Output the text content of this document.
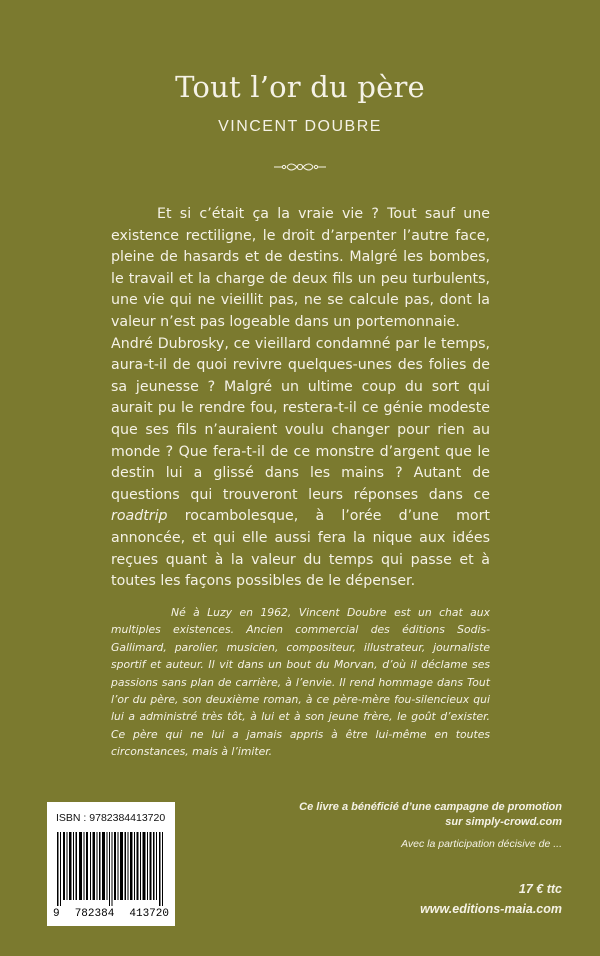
Tout l’or du père
VINCENT DOUBRE

Et si c’était ça la vraie vie ? Tout sauf une existence rectiligne, le droit d’arpenter l’autre face, pleine de hasards et de destins. Malgré les bombes, le travail et la charge de deux fils un peu turbulents, une vie qui ne vieillit pas, ne se calcule pas, dont la valeur n’est pas logeable dans un portemonnaie.

André Dubrosky, ce vieillard condamné par le temps, aura-t-il de quoi revivre quelques-unes des folies de sa jeunesse ? Malgré un ultime coup du sort qui aurait pu le rendre fou, restera-t-il ce génie modeste que ses fils n’auraient voulu changer pour rien au monde ? Que fera-t-il de ce monstre d’argent que le destin lui a glissé dans les mains ? Autant de questions qui trouveront leurs réponses dans ce roadtrip rocambolesque, à l’orée d’une mort annoncée, et qui elle aussi fera la nique aux idées reçues quant à la valeur du temps qui passe et à toutes les façons possibles de le dépenser.

Né à Luzy en 1962, Vincent Doubre est un chat aux multiples existences. Ancien commercial des éditions Sodis-Gallimard, parolier, musicien, compositeur, illustrateur, journaliste sportif et auteur. Il vit dans un bout du Morvan, d’où il déclame ses passions sans plan de carrière, à l’envie. Il rend hommage dans Tout l’or du père, son deuxième roman, à ce père-mère fou-silencieux qui lui a administré très tôt, à lui et à son jeune frère, le goût d’exister. Ce père qui ne lui a jamais appris à être lui-même en toutes circonstances, mais à l’imiter.
ISBN : 9782384413720
9 782384 413720
Ce livre a bénéficié d’une campagne de promotion
sur simply-crowd.com
Avec la participation décisive de ...
17 € ttc
www.editions-maia.com
